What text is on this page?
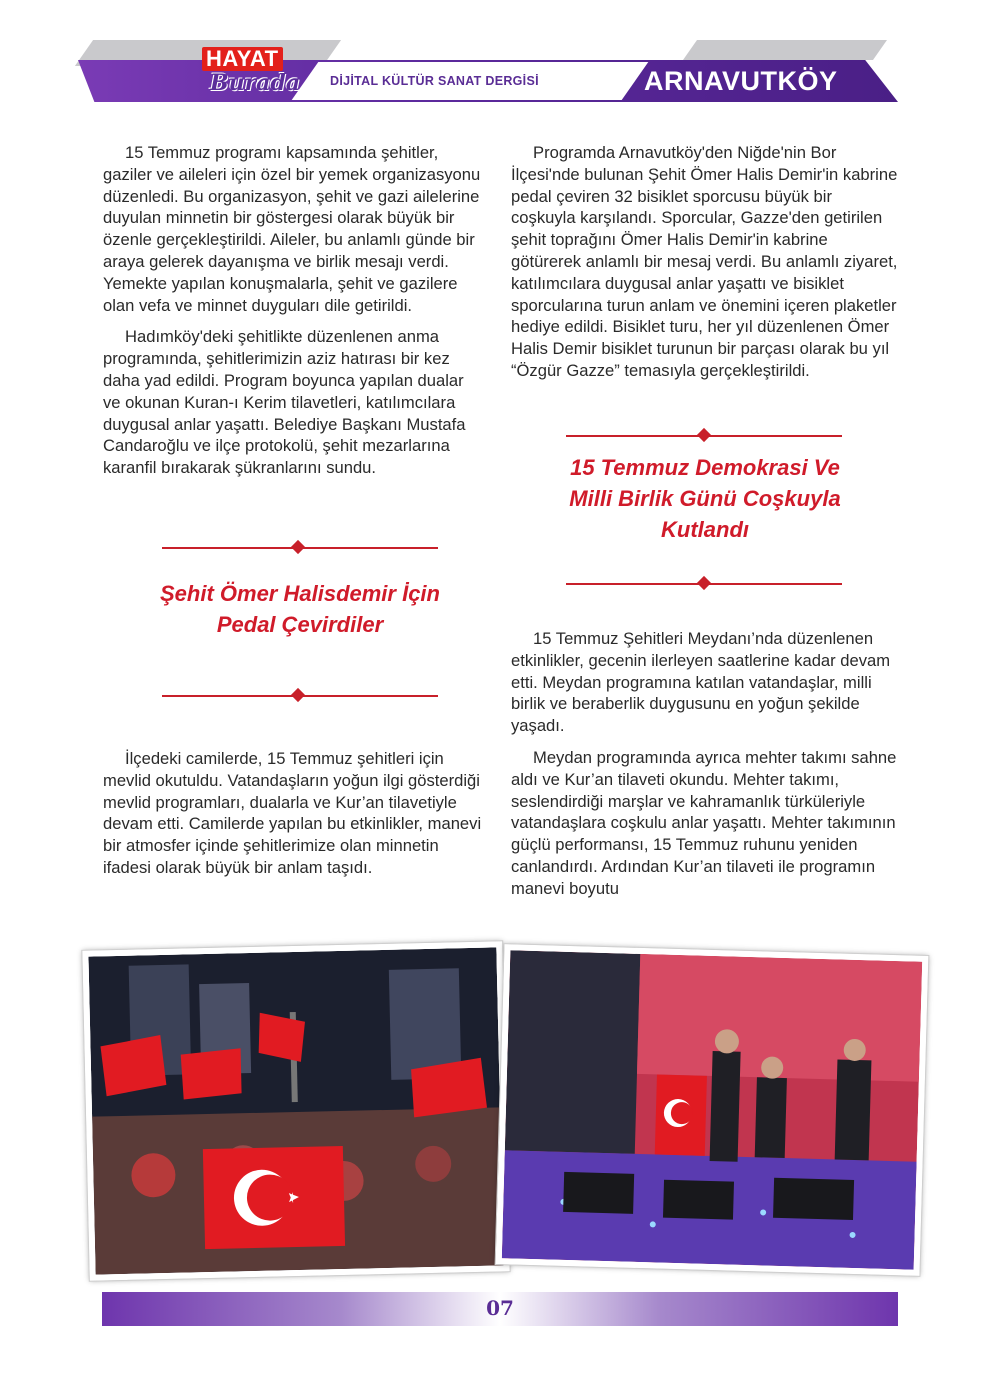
HAYAT
Burada DİJİTAL KÜLTÜR SANAT DERGİSİ	ARNAVUTKÖY

15 Temmuz programı kapsamında şehitler, gaziler ve aileleri için özel bir yemek organizasyonu düzenledi. Bu organizasyon, şehit ve gazi ailelerine duyulan minnetin bir göstergesi olarak büyük bir özenle gerçekleştirildi. Aileler, bu anlamlı günde bir araya gelerek dayanışma ve birlik mesajı verdi. Yemekte yapılan konuşmalarla, şehit ve gazilere olan vefa ve minnet duyguları dile getirildi.

Hadımköy'deki şehitlikte düzenlenen anma programında, şehitlerimizin aziz hatırası bir kez daha yad edildi. Program boyunca yapılan dualar ve okunan Kuran-ı Kerim tilavetleri, katılımcılara duygusal anlar yaşattı. Belediye Başkanı Mustafa Candaroğlu ve ilçe protokolü, şehit mezarlarına karanfil bırakarak şükranlarını sundu.

Şehit Ömer Halisdemir İçin Pedal Çevirdiler

İlçedeki camilerde, 15 Temmuz şehitleri için mevlid okutuldu. Vatandaşların yoğun ilgi gösterdiği mevlid programları, dualarla ve Kur’an tilavetiyle devam etti. Camilerde yapılan bu etkinlikler, manevi bir atmosfer içinde şehitlerimize olan minnetin ifadesi olarak büyük bir anlam taşıdı.

Programda Arnavutköy'den Niğde'nin Bor İlçesi'nde bulunan Şehit Ömer Halis Demir'in kabrine pedal çeviren 32 bisiklet sporcusu büyük bir coşkuyla karşılandı. Sporcular, Gazze'den getirilen şehit toprağını Ömer Halis Demir'in kabrine götürerek anlamlı bir mesaj verdi. Bu anlamlı ziyaret, katılımcılara duygusal anlar yaşattı ve bisiklet sporcularına turun anlam ve önemini içeren plaketler hediye edildi. Bisiklet turu, her yıl düzenlenen Ömer Halis Demir bisiklet turunun bir parçası olarak bu yıl “Özgür Gazze” temasıyla gerçekleştirildi.

15 Temmuz Demokrasi Ve Milli Birlik Günü Coşkuyla Kutlandı

15 Temmuz Şehitleri Meydanı’nda düzenlenen etkinlikler, gecenin ilerleyen saatlerine kadar devam etti. Meydan programına katılan vatandaşlar, milli birlik ve beraberlik duygusunu en yoğun şekilde yaşadı.

Meydan programında ayrıca mehter takımı sahne aldı ve Kur’an tilaveti okundu. Mehter takımı, seslendirdiği marşlar ve kahramanlık türküleriyle vatandaşlara coşkulu anlar yaşattı. Mehter takımının güçlü performansı, 15 Temmuz ruhunu yeniden canlandırdı. Ardından Kur’an tilaveti ile programın manevi boyutu

07
